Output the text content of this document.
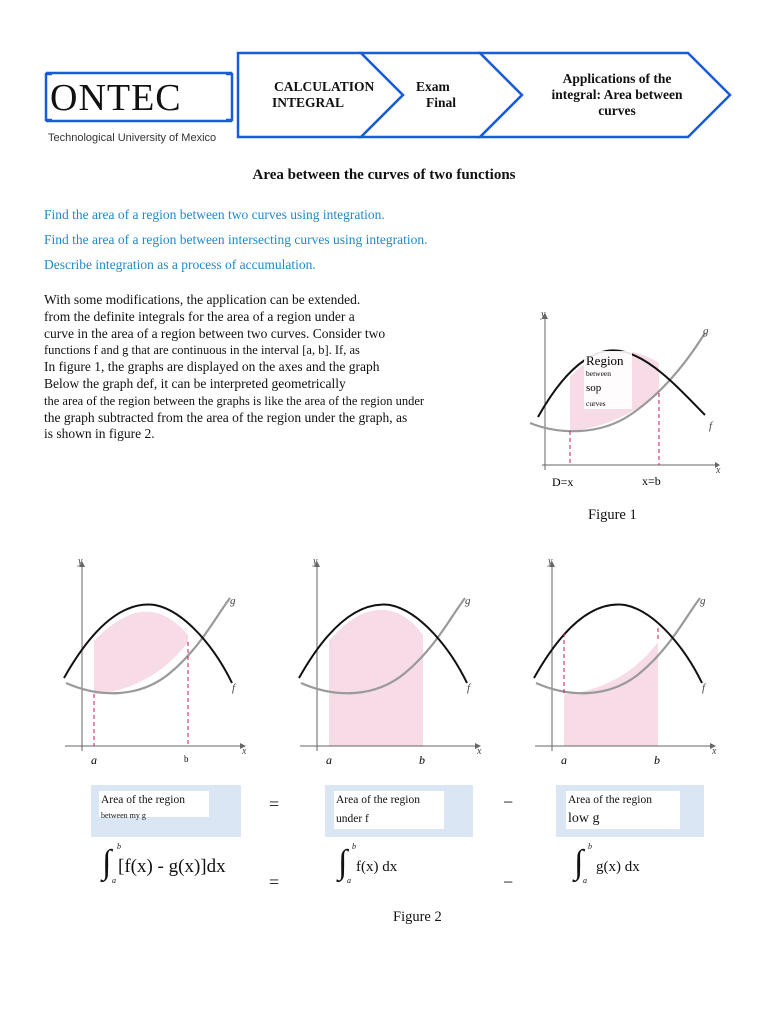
ONTEC
Technological University of Mexico
CALCULATION
INTEGRAL
Exam
Final
Applications of the
integral: Area between
curves
Area between the curves of two functions
Find the area of a region between two curves using integration.
Find the area of a region between intersecting curves using integration.
Describe integration as a process of accumulation.
With some modifications, the application can be extended.
from the definite integrals for the area of a region under a
curve in the area of a region between two curves. Consider two
functions f and g that are continuous in the interval [a, b]. If, as
In figure 1, the graphs are displayed on the axes and the graph
Below the graph def, it can be interpreted geometrically
the area of the region between the graphs is like the area of the region under
the graph subtracted from the area of the region under the graph, as
is shown in figure 2.
y
x
g
f
Region
between
sop
curves
D=x	x=b
Figure 1
y
x
g
f
a	b
y
x
g
f
a	b
y
x
g
f
a	b
Area of the region
between my g
Area of the region
under f
Area of the region
low g
=	−
∫ b
a
[f(x) - g(x)]dx
=
∫ b
a
f(x) dx
−
∫ b
a
g(x) dx
Figure 2
